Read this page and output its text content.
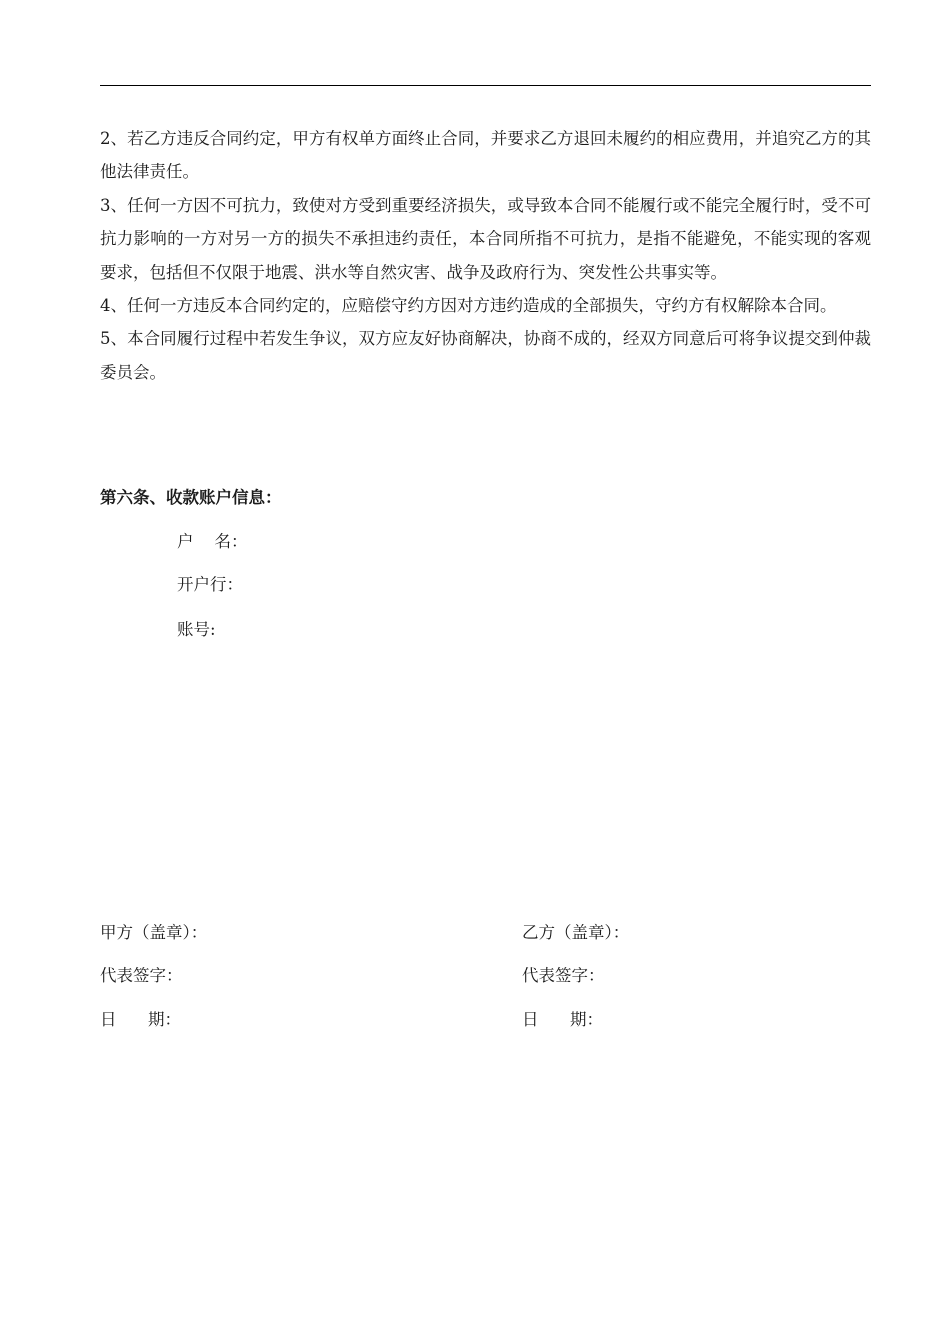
2、若乙方违反合同约定，甲方有权单方面终止合同，并要求乙方退回未履约的相应费用，并追究乙方的其他法律责任。

3、任何一方因不可抗力，致使对方受到重要经济损失，或导致本合同不能履行或不能完全履行时，受不可抗力影响的一方对另一方的损失不承担违约责任，本合同所指不可抗力，是指不能避免，不能实现的客观要求，包括但不仅限于地震、洪水等自然灾害、战争及政府行为、突发性公共事实等。

4、任何一方违反本合同约定的，应赔偿守约方因对方违约造成的全部损失，守约方有权解除本合同。

5、本合同履行过程中若发生争议，双方应友好协商解决，协商不成的，经双方同意后可将争议提交到仲裁委员会。

第六条、收款账户信息：

户    名：

开户行：

账号:

甲方（盖章）：

代表签字：

日      期：

乙方（盖章）：

代表签字：

日      期：
